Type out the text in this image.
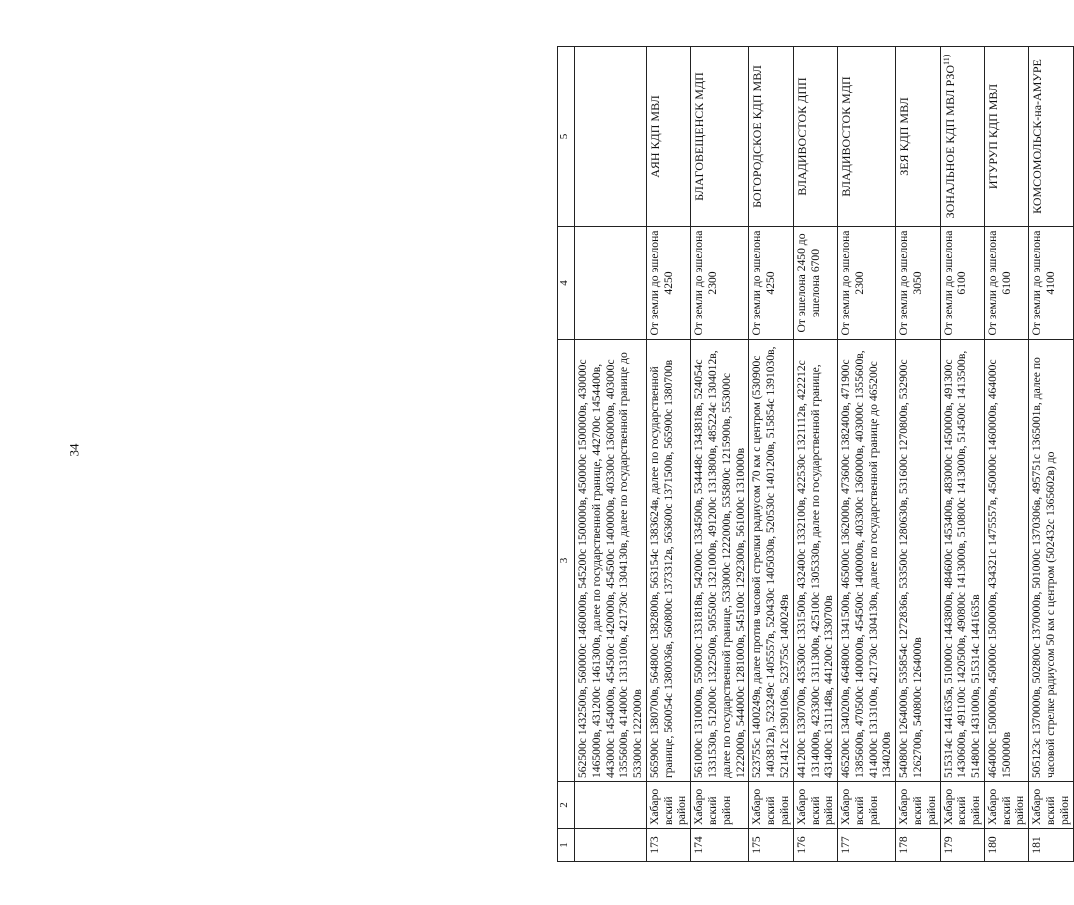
34
1	2	3	4	5
		562500с 1432500в, 560000с 1460000в, 545200с 1500000в, 450000с 1500000в, 430000с 1465000в, 431200с 1461300в, далее по государственной границе, 442700с 1454400в, 443000с 1454000в, 454500с 1420000в, 454500с 1400000в, 403300с 1360000в, 403000с 1355600в, 414000с 1313100в, 421730с 1304130в, далее по государственной границе до 533000с 1222000в		
173	Хабаровский район	565900с 1380700в, 564800с 1382800в, 563154с 1383624в, далее по государственной границе, 560054с 1380036в, 560800с 1373312в, 563600с 1371500в, 565900с 1380700в	От земли до эшелона 4250	АЯН КДП МВЛ
174	Хабаровский район	561000с 1310000в, 550000с 1331818в, 542000с 1334500в, 534448с 1343818в, 524054с 1331530в, 512000с 1322500в, 505500с 1321000в, 491200с 1313800в, 485224с 1304012в, далее по государственной границе, 533000с 1222000в, 535800с 1215900в, 553000с 1222000в, 544000с 1281000в, 545100с 1292300в, 561000с 1310000в	От земли до эшелона 2300	БЛАГОВЕЩЕНСК МДП
175	Хабаровский район	523755с 1400249в, далее против часовой стрелки радиусом 70 км с центром (530900с 1403812в), 523249с 1405557в, 520430с 1405030в, 520530с 1401200в, 515854с 1391030в, 521412с 1390106в, 523755с 1400249в	От земли до эшелона 4250	БОГОРОДСКОЕ КДП МВЛ
176	Хабаровский район	441200с 1330700в, 435300с 1331500в, 432400с 1332100в, 422530с 1321112в, 422212с 1314000в, 423300с 1311300в, 425100с 1305330в, далее по государственной границе, 431400с 1311148в, 441200с 1330700в	От эшелона 2450 до эшелона 6700	ВЛАДИВОСТОК ДПП
177	Хабаровский район	465200с 1340200в, 464800с 1341500в, 465000с 1362000в, 473600с 1382400в, 471900с 1385600в, 470500с 1400000в, 454500с 1400000в, 403300с 1360000в, 403000с 1355600в, 414000с 1313100в, 421730с 1304130в, далее по государственной границе до 465200с 1340200в	От земли до эшелона 2300	ВЛАДИВОСТОК МДП
178	Хабаровский район	540800с 1264000в, 535854с 1272836в, 533500с 1280630в, 531600с 1270800в, 532900с 1262700в, 540800с 1264000в	От земли до эшелона 3050	ЗЕЯ КДП МВЛ
179	Хабаровский район	515314с 1441635в, 510000с 1443800в, 484600с 1453400в, 483000с 1450000в, 491300с 1430600в, 491100с 1420500в, 490800с 1413000в, 510800с 1413000в, 514500с 1413500в, 514800с 1431000в, 515314с 1441635в	От земли до эшелона 6100	ЗОНАЛЬНОЕ КДП МВЛ РЗО$^{11)}$
180	Хабаровский район	464000с 1500000в, 450000с 1500000в, 434321с 1475557в, 450000с 1460000в, 464000с 1500000в	От земли до эшелона 6100	ИТУРУП КДП МВЛ
181	Хабаровский район	505123с 1370000в, 502800с 1370000в, 501000с 1370306в, 495751с 1365001в, далее по часовой стрелке радиусом 50 км с центром (502432с 1365602в) до	От земли до эшелона 4100	КОМСОМОЛЬСК-на-АМУРЕ
